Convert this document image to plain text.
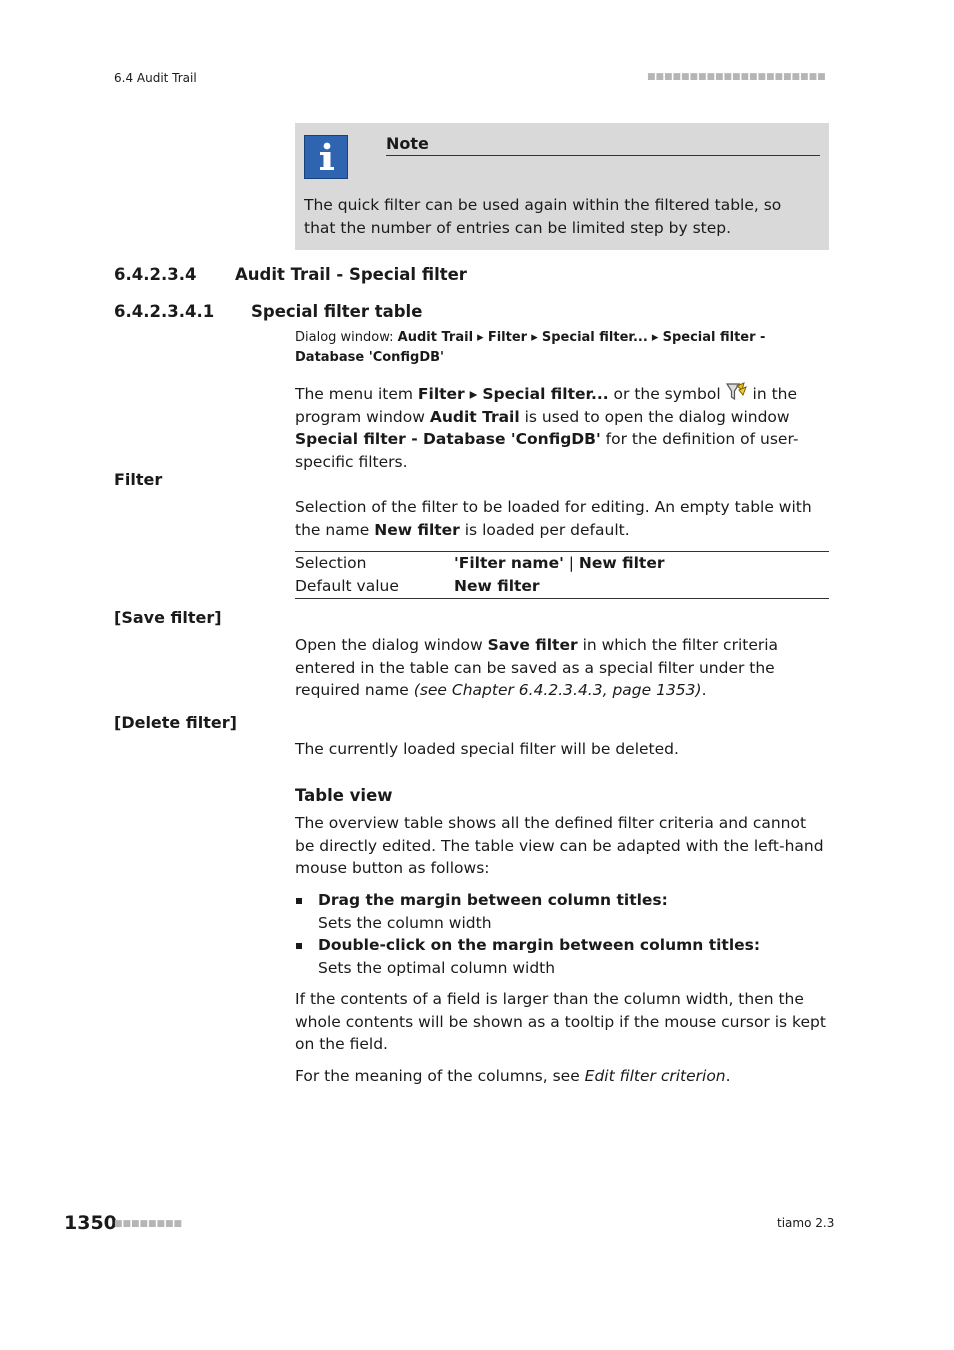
6.4 Audit Trail	■■■■■■■■■■■■■■■■■■■■■
Note
The quick filter can be used again within the filtered table, so that the number of entries can be limited step by step.
6.4.2.3.4 Audit Trail - Special filter
6.4.2.3.4.1 Special filter table
Dialog window: Audit Trail ▸ Filter ▸ Special filter... ▸ Special filter - Database 'ConfigDB'
The menu item Filter ▸ Special filter... or the symbol  in the program window Audit Trail is used to open the dialog window Special filter - Database 'ConfigDB' for the definition of user-specific filters.
Filter
Selection of the filter to be loaded for editing. An empty table with the name New filter is loaded per default.
Selection	'Filter name' | New filter
Default value	New filter
[Save filter]
Open the dialog window Save filter in which the filter criteria entered in the table can be saved as a special filter under the required name (see Chapter 6.4.2.3.4.3, page 1353).
[Delete filter]
The currently loaded special filter will be deleted.
Table view
The overview table shows all the defined filter criteria and cannot be directly edited. The table view can be adapted with the left-hand mouse button as follows:
Drag the margin between column titles:
Sets the column width
Double-click on the margin between column titles:
Sets the optimal column width
If the contents of a field is larger than the column width, then the whole contents will be shown as a tooltip if the mouse cursor is kept on the field.
For the meaning of the columns, see Edit filter criterion.
1350
■■■■■■■■	tiamo 2.3
